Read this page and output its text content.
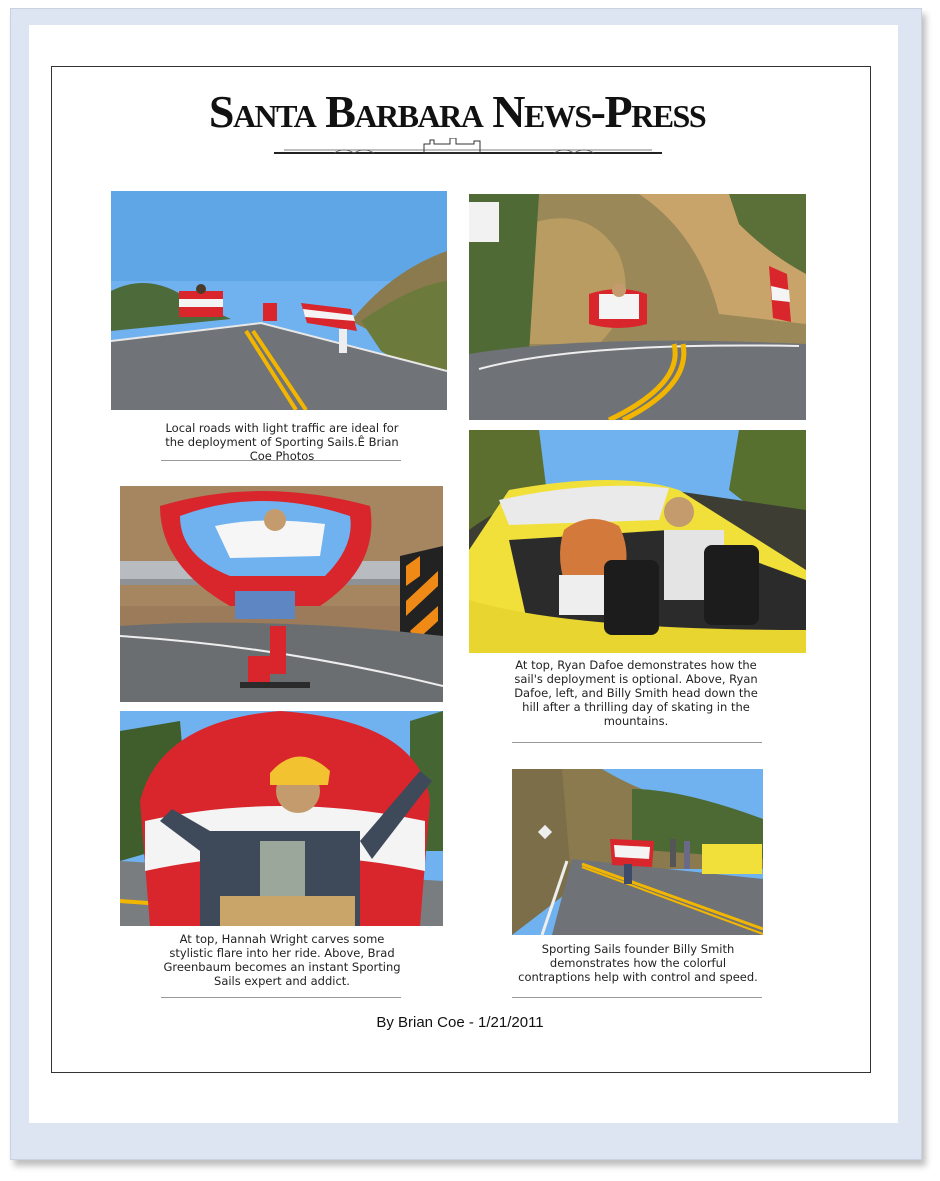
Santa Barbara News-Press
Local roads with light traffic are ideal for the deployment of Sporting Sails.Ê Brian Coe Photos
At top, Ryan Dafoe demonstrates how the sail's deployment is optional. Above, Ryan Dafoe, left, and Billy Smith head down the hill after a thrilling day of skating in the mountains.
At top, Hannah Wright carves some stylistic flare into her ride. Above, Brad Greenbaum becomes an instant Sporting Sails expert and addict.
Sporting Sails founder Billy Smith demonstrates how the colorful contraptions help with control and speed.
By Brian Coe - 1/21/2011
